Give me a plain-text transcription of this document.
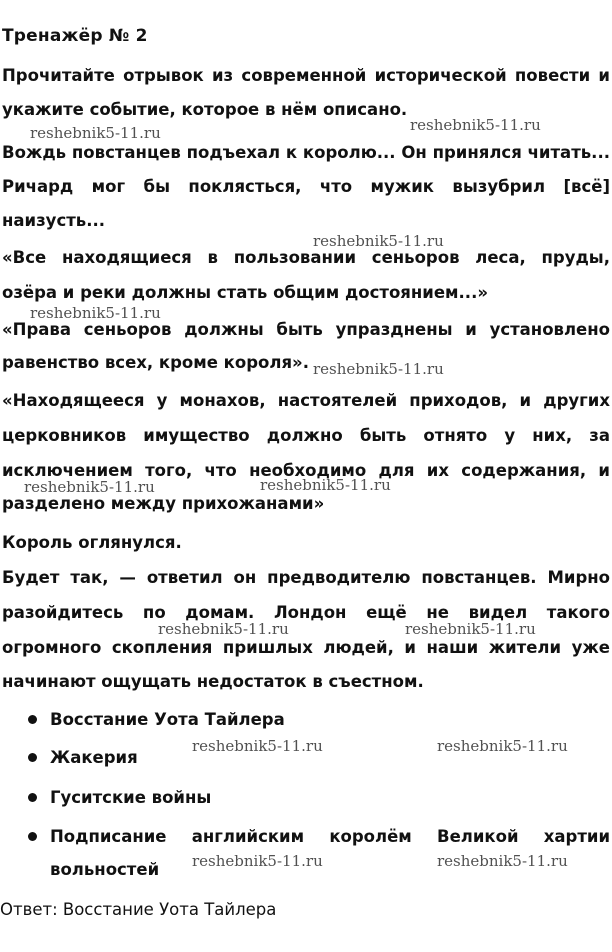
Тренажёр № 2
Прочитайте отрывок из современной исторической повести и
укажите событие, которое в нём описано.
Вождь повстанцев подъехал к королю... Он принялся читать...
Ричард мог бы поклясться, что мужик вызубрил [всё]
наизусть...
«Все находящиеся в пользовании сеньоров леса, пруды,
озёра и реки должны стать общим достоянием...»
«Права сеньоров должны быть упразднены и установлено
равенство всех, кроме короля».
«Находящееся у монахов, настоятелей приходов, и других
церковников имущество должно быть отнято у них, за
исключением того, что необходимо для их содержания, и
разделено между прихожанами»
Король оглянулся.
Будет так, — ответил он предводителю повстанцев. Мирно
разойдитесь по домам. Лондон ещё не видел такого
огромного скопления пришлых людей, и наши жители уже
начинают ощущать недостаток в съестном.
Восстание Уота Тайлера
Жакерия
Гуситские войны
Подписание английским королём Великой хартии
вольностей
Ответ: Восстание Уота Тайлера
reshebnik5-11.ru	reshebnik5-11.ru
reshebnik5-11.ru
reshebnik5-11.ru
reshebnik5-11.ru
reshebnik5-11.ru	reshebnik5-11.ru
reshebnik5-11.ru	reshebnik5-11.ru
reshebnik5-11.ru	reshebnik5-11.ru
reshebnik5-11.ru	reshebnik5-11.ru
